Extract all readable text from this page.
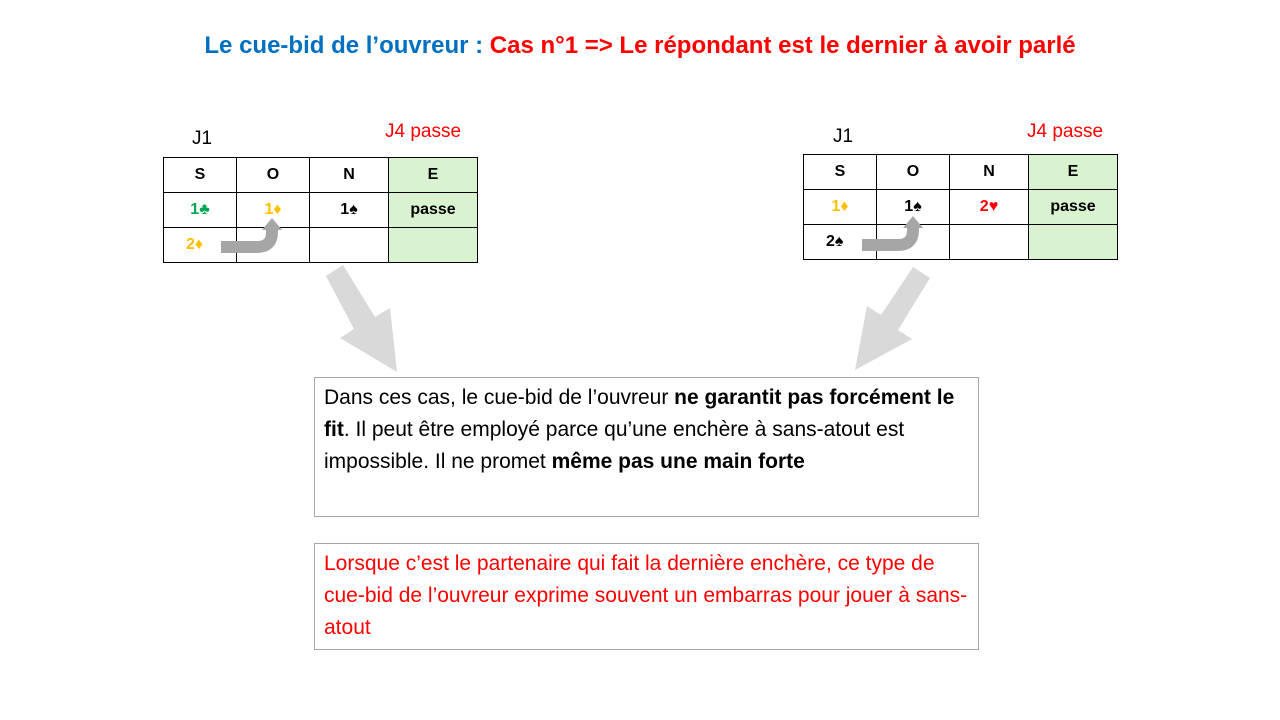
Le cue-bid de l’ouvreur : Cas n°1 => Le répondant est le dernier à avoir parlé
J1	J4 passe
S	O	N	E
1♣	1♦	1♠	passe
2♦			
J1	J4 passe
S	O	N	E
1♦	1♠	2♥	passe
2♠			
Dans ces cas, le cue-bid de l’ouvreur ne garantit pas forcément le fit. Il peut être employé parce qu’une enchère à sans-atout est impossible. Il ne promet même pas une main forte
Lorsque c’est le partenaire qui fait la dernière enchère, ce type de cue-bid de l’ouvreur exprime souvent un embarras pour jouer à sans-atout
